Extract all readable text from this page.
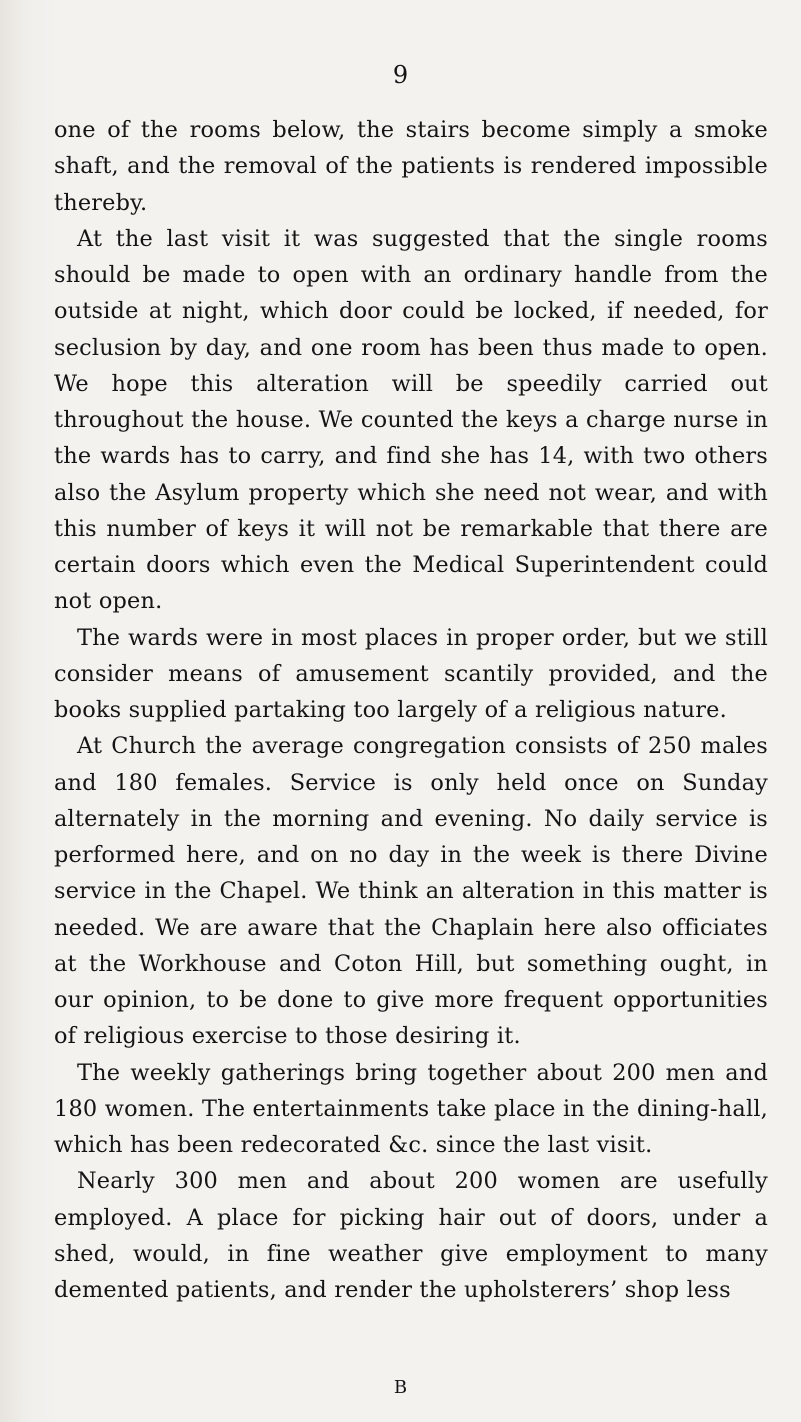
9

one of the rooms below, the stairs become simply a smoke shaft, and the removal of the patients is rendered impossible thereby.

At the last visit it was suggested that the single rooms should be made to open with an ordinary handle from the outside at night, which door could be locked, if needed, for seclusion by day, and one room has been thus made to open. We hope this alteration will be speedily carried out throughout the house. We counted the keys a charge nurse in the wards has to carry, and find she has 14, with two others also the Asylum property which she need not wear, and with this number of keys it will not be remarkable that there are certain doors which even the Medical Superintendent could not open.

The wards were in most places in proper order, but we still consider means of amusement scantily provided, and the books supplied partaking too largely of a religious nature.

At Church the average congregation consists of 250 males and 180 females. Service is only held once on Sunday alternately in the morning and evening. No daily service is performed here, and on no day in the week is there Divine service in the Chapel. We think an alteration in this matter is needed. We are aware that the Chaplain here also officiates at the Workhouse and Coton Hill, but something ought, in our opinion, to be done to give more frequent opportunities of religious exercise to those desiring it.

The weekly gatherings bring together about 200 men and 180 women. The entertainments take place in the dining-hall, which has been redecorated &c. since the last visit.

Nearly 300 men and about 200 women are usefully employed. A place for picking hair out of doors, under a shed, would, in fine weather give employment to many demented patients, and render the upholsterers’ shop less

B
